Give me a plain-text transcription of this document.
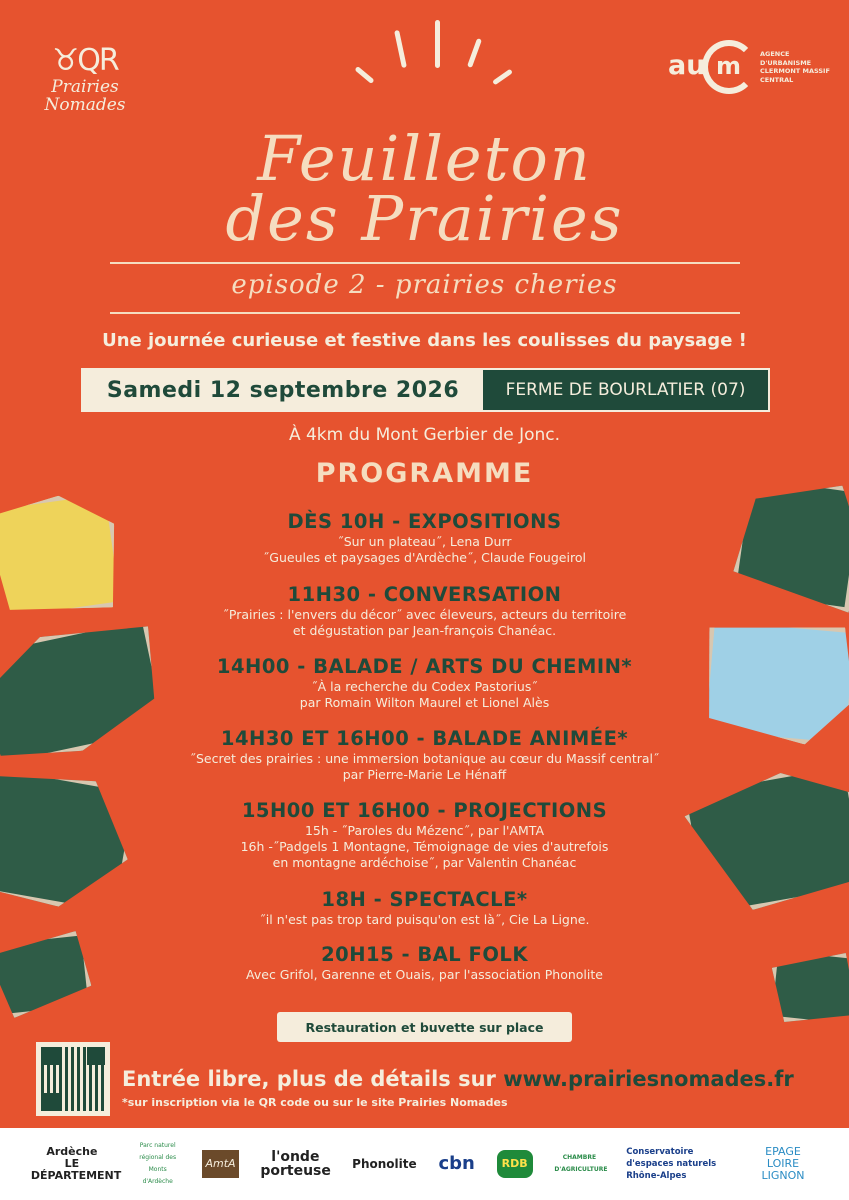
♉︎QR
Prairies Nomades
au m	AGENCE D'URBANISME CLERMONT MASSIF CENTRAL
Feuilleton
des Prairies
episode 2 - prairies cheries
Une journée curieuse et festive dans les coulisses du paysage !
Samedi 12 septembre 2026	FERME DE BOURLATIER (07)
À 4km du Mont Gerbier de Jonc.
PROGRAMME
DÈS 10H - EXPOSITIONS
˝Sur un plateau˝, Lena Durr
˝Gueules et paysages d'Ardèche˝, Claude Fougeirol
11H30 - CONVERSATION
˝Prairies : l'envers du décor˝ avec éleveurs, acteurs du territoire
et dégustation par Jean-françois Chanéac.
14H00 - BALADE / ARTS DU CHEMIN*
˝À la recherche du Codex Pastorius˝
par Romain Wilton Maurel et Lionel Alès
14H30 ET 16H00 - BALADE ANIMÉE*
˝Secret des prairies : une immersion botanique au cœur du Massif central˝
par Pierre-Marie Le Hénaff
15H00 ET 16H00 - PROJECTIONS
15h - ˝Paroles du Mézenc˝, par l'AMTA
16h -˝Padgels 1 Montagne, Témoignage de vies d'autrefois
en montagne ardéchoise˝, par Valentin Chanéac
18H - SPECTACLE*
˝il n'est pas trop tard puisqu'on est là˝, Cie La Ligne.
20H15 - BAL FOLK
Avec Grifol, Garenne et Ouais, par l'association Phonolite
Restauration et buvette sur place
Entrée libre, plus de détails sur www.prairiesnomades.fr
*sur inscription via le QR code ou sur le site Prairies Nomades
Ardèche
LE DÉPARTEMENT
Parc naturel régional des Monts d'Ardèche
AmtA	l'onde porteuse Phonolite cbn	RDB	CHAMBRE D'AGRICULTURE
Conservatoire d'espaces naturels Rhône-Alpes
EPAGE LOIRE LIGNON
